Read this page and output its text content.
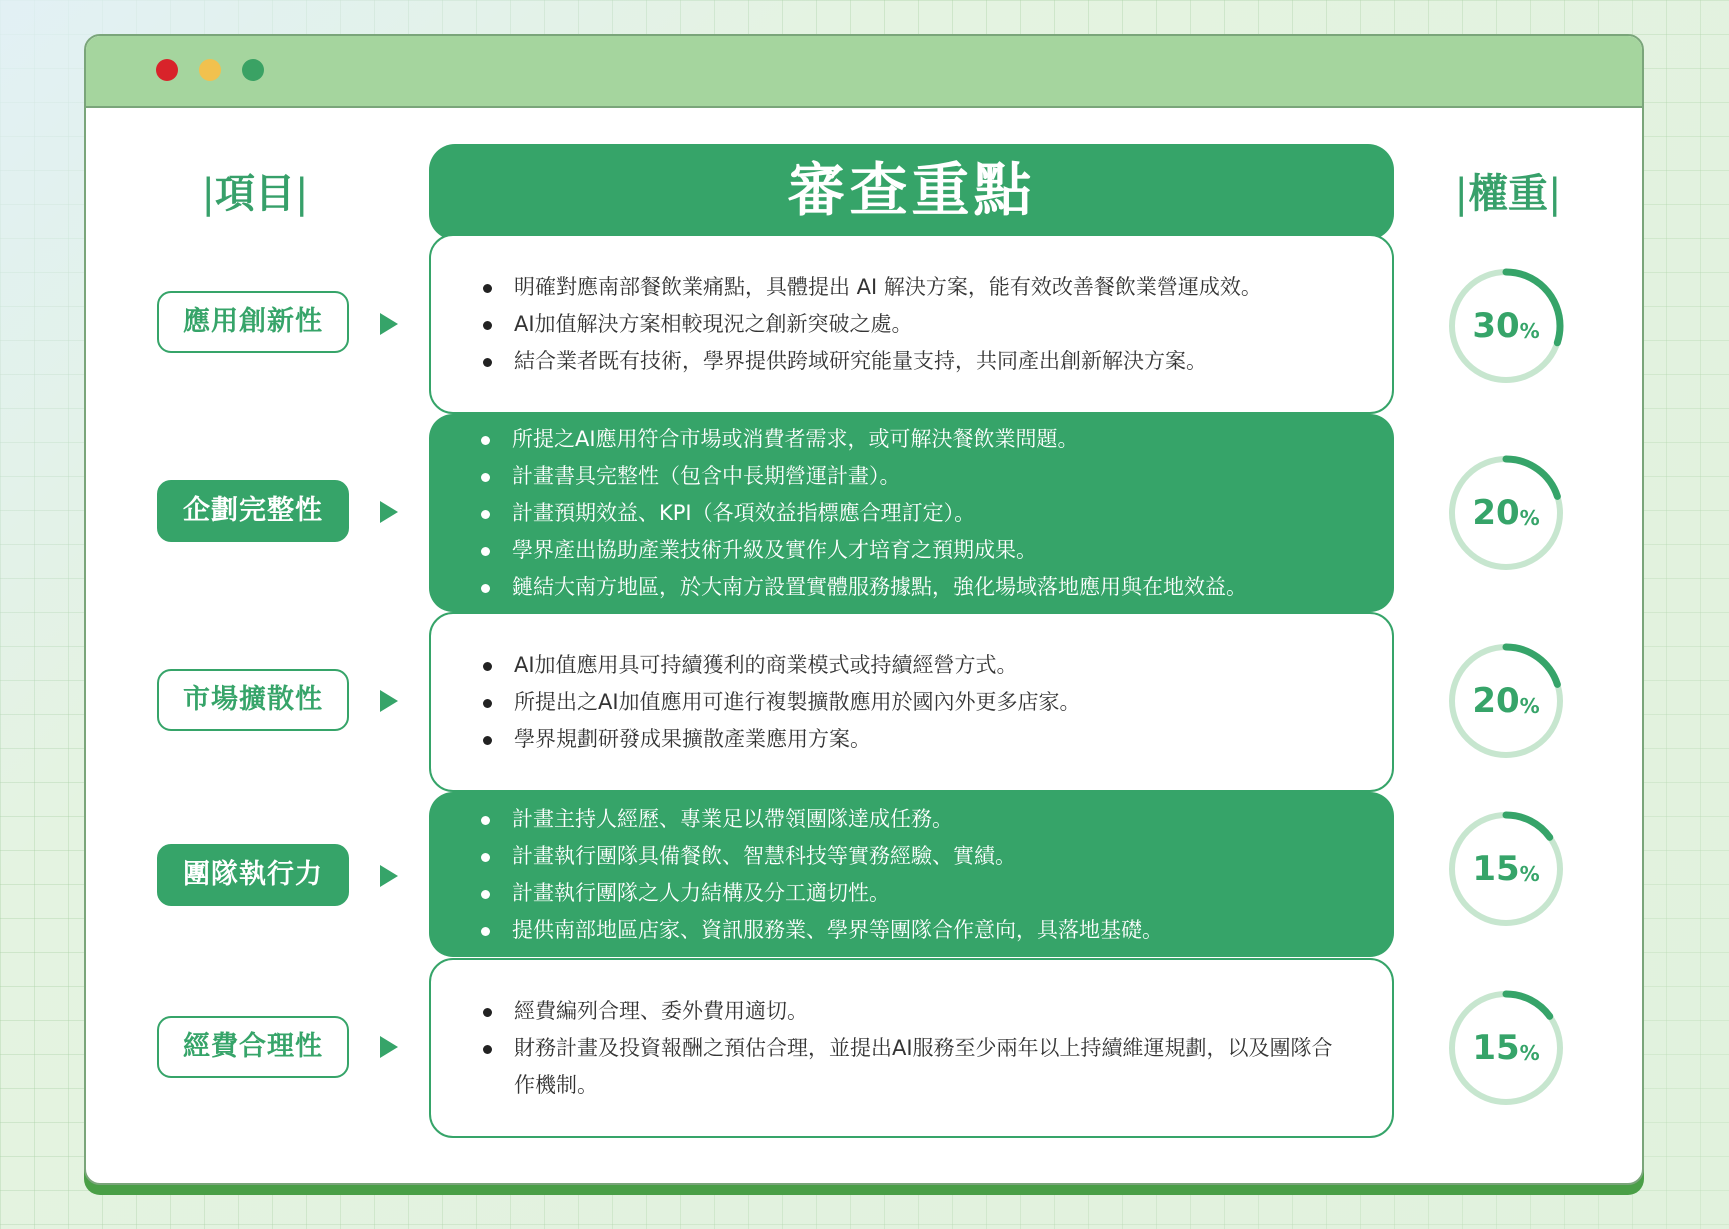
|項目|	審查重點	|權重|
應用創新性
明確對應南部餐飲業痛點，具體提出 AI 解決方案，能有效改善餐飲業營運成效。
AI加值解決方案相較現況之創新突破之處。
結合業者既有技術，學界提供跨域研究能量支持，共同產出創新解決方案。
30 %
企劃完整性
所提之AI應用符合市場或消費者需求，或可解決餐飲業問題。
計畫書具完整性（包含中長期營運計畫）。
計畫預期效益、KPI（各項效益指標應合理訂定）。
學界產出協助產業技術升級及實作人才培育之預期成果。
鏈結大南方地區，於大南方設置實體服務據點，強化場域落地應用與在地效益。
20 %
市場擴散性
AI加值應用具可持續獲利的商業模式或持續經營方式。
所提出之AI加值應用可進行複製擴散應用於國內外更多店家。
學界規劃研發成果擴散產業應用方案。
20 %
團隊執行力
計畫主持人經歷、專業足以帶領團隊達成任務。
計畫執行團隊具備餐飲、智慧科技等實務經驗、實績。
計畫執行團隊之人力結構及分工適切性。
提供南部地區店家、資訊服務業、學界等團隊合作意向，具落地基礎。
15 %
經費合理性
經費編列合理、委外費用適切。
財務計畫及投資報酬之預估合理，並提出AI服務至少兩年以上持續維運規劃，以及團隊合作機制。
15 %
